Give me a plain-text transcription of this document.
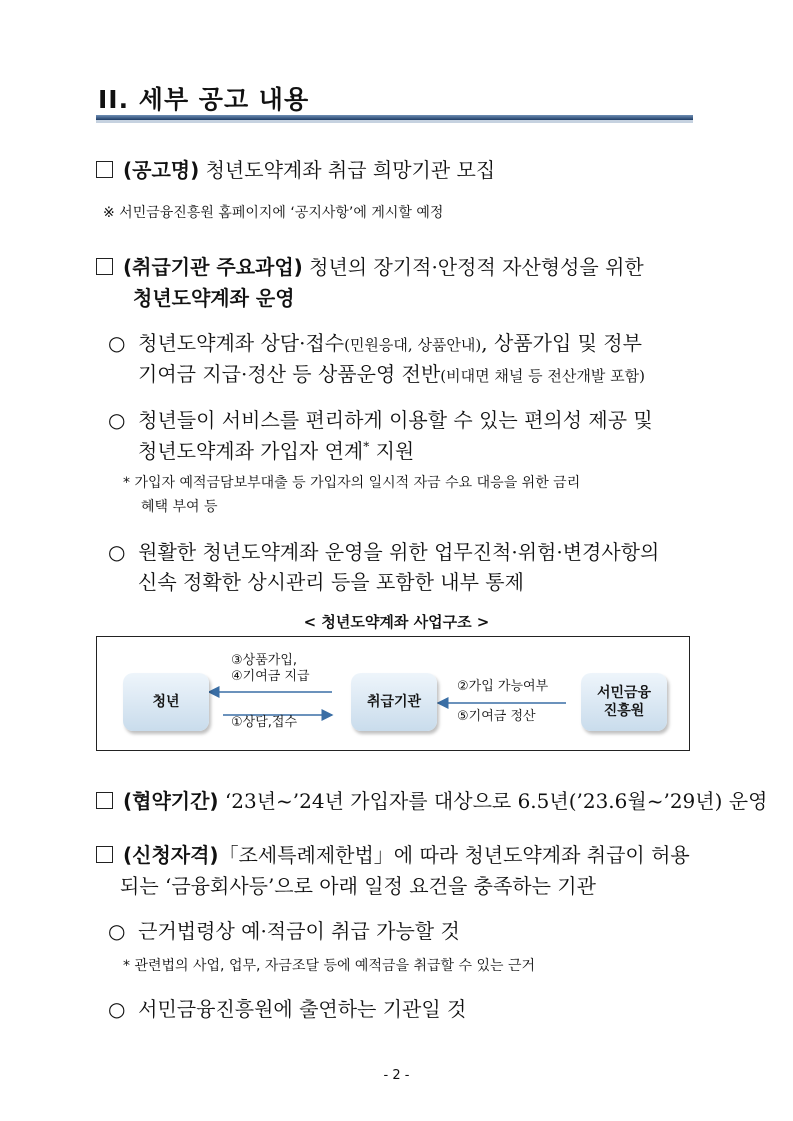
II. 세부 공고 내용
(공고명) 청년도약계좌 취급 희망기관 모집
※ 서민금융진흥원 홈페이지에 ‘공지사항’에 게시할 예정
(취급기관 주요과업) 청년의 장기적·안정적 자산형성을 위한
청년도약계좌 운영
○ 청년도약계좌 상담·접수(민원응대, 상품안내), 상품가입 및 정부
기여금 지급·정산 등 상품운영 전반(비대면 채널 등 전산개발 포함)
○ 청년들이 서비스를 편리하게 이용할 수 있는 편의성 제공 및
청년도약계좌 가입자 연계* 지원
* 가입자 예적금담보부대출 등 가입자의 일시적 자금 수요 대응을 위한 금리
혜택 부여 등
○ 원활한 청년도약계좌 운영을 위한 업무진척·위험·변경사항의
신속 정확한 상시관리 등을 포함한 내부 통제
< 청년도약계좌 사업구조 >
청년	취급기관
서민금융
진흥원
③상품가입,
④기여금 지급
①상담,접수
②가입 가능여부
⑤기여금 정산
(협약기간) ‘23년~’24년 가입자를 대상으로 6.5년(’23.6월~’29년) 운영
(신청자격)「조세특례제한법」에 따라 청년도약계좌 취급이 허용
되는 ‘금융회사등’으로 아래 일정 요건을 충족하는 기관
○ 근거법령상 예·적금이 취급 가능할 것
* 관련법의 사업, 업무, 자금조달 등에 예적금을 취급할 수 있는 근거
○ 서민금융진흥원에 출연하는 기관일 것
- 2 -
